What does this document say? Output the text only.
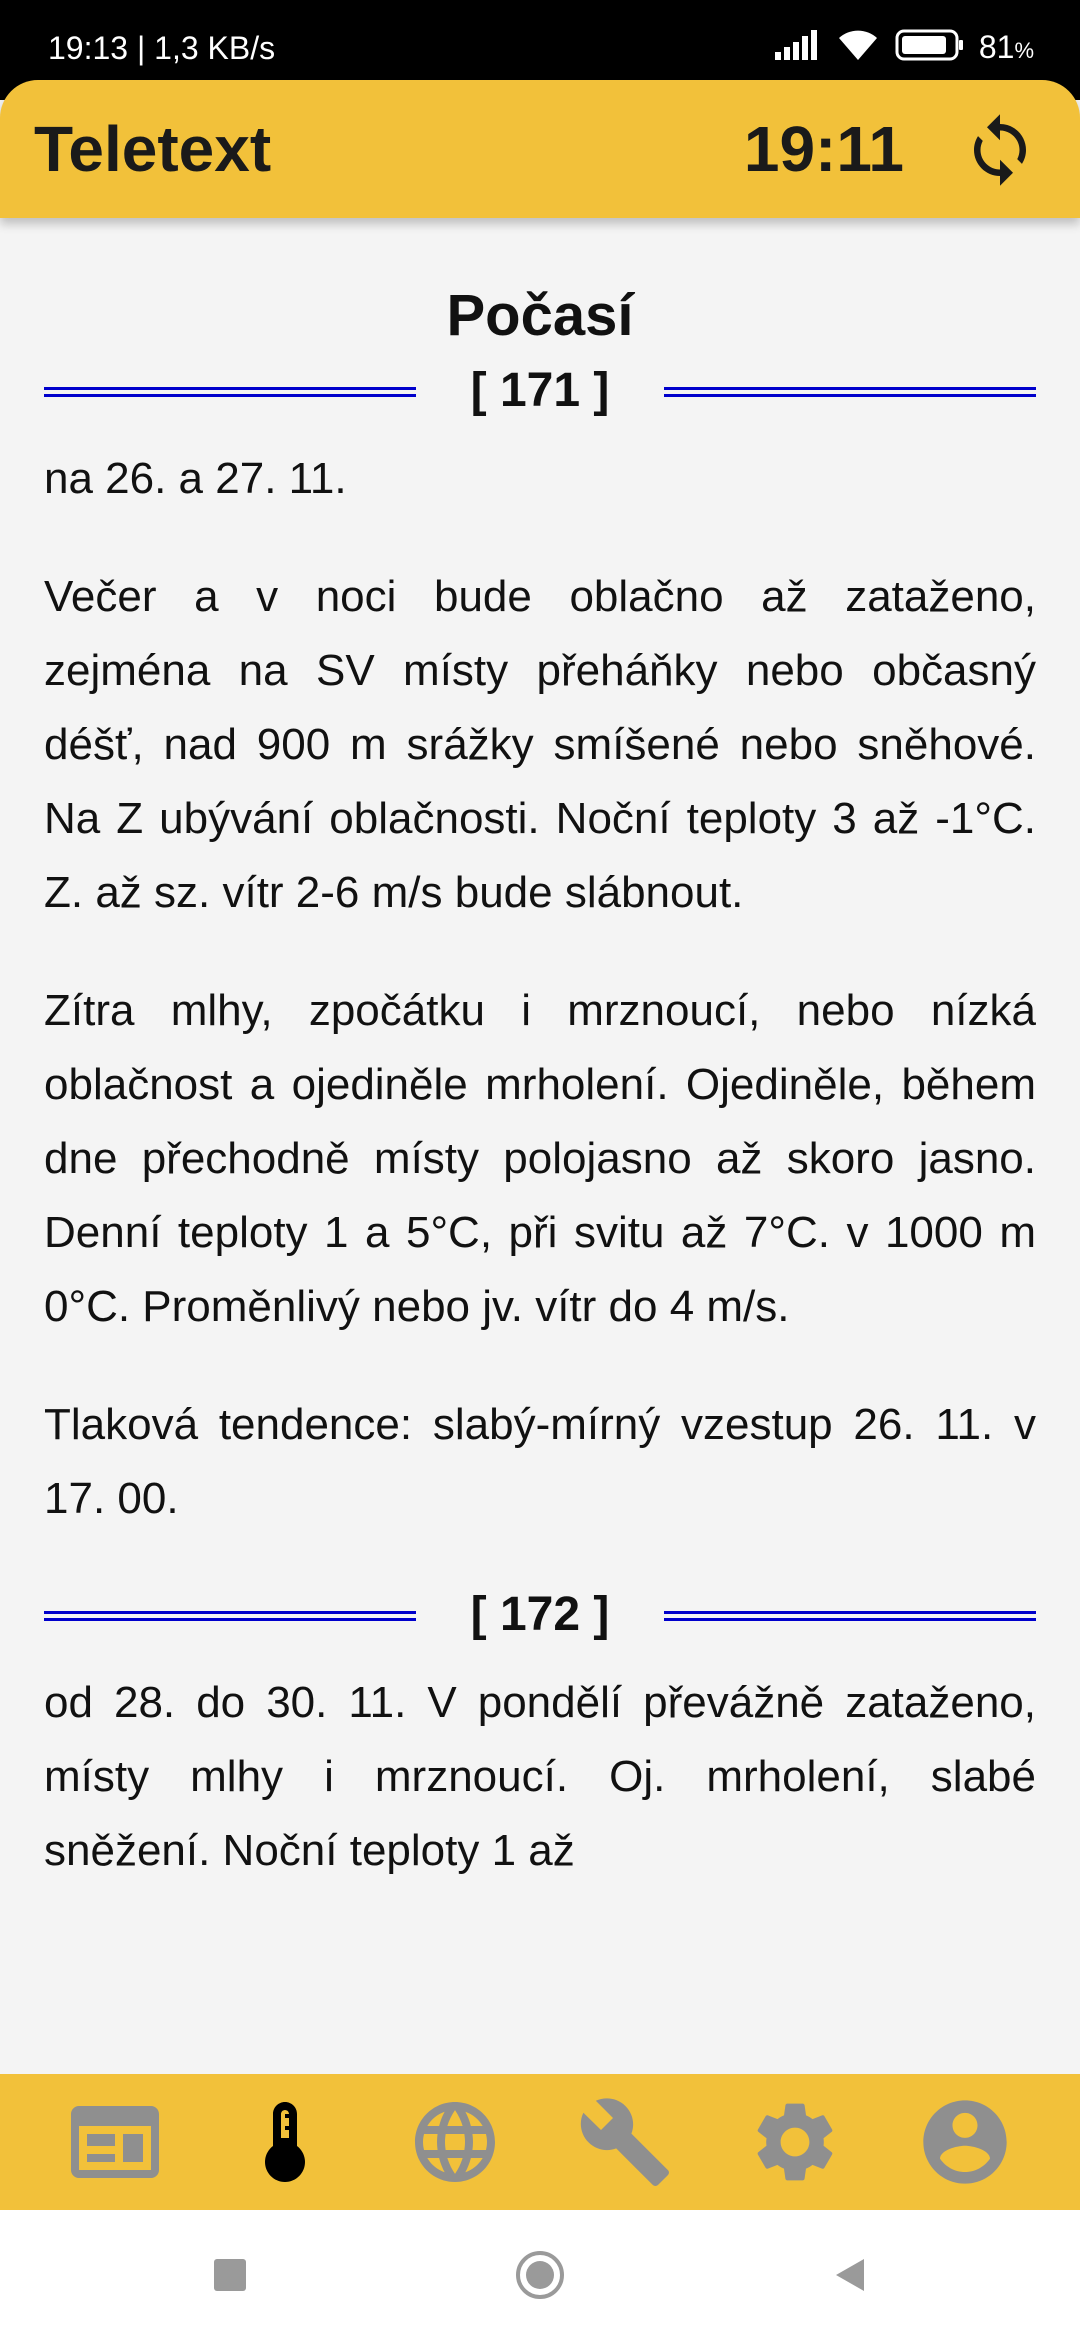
19:13 | 1,3 KB/s	81%
Teletext	19:11
Počasí
[ 171 ]

na 26. a 27. 11.

Večer a v noci bude oblačno až zataženo, zejména na SV místy přeháňky nebo občasný déšť, nad 900 m srážky smíšené nebo sněhové. Na Z ubývání oblačnosti. Noční teploty 3 až -1°C. Z. až sz. vítr 2-6 m/s bude slábnout.

Zítra mlhy, zpočátku i mrznoucí, nebo nízká oblačnost a ojediněle mrholení. Ojediněle, během dne přechodně místy polojasno až skoro jasno. Denní teploty 1 a 5°C, při svitu až 7°C. v 1000 m 0°C. Proměnlivý nebo jv. vítr do 4 m/s.

Tlaková tendence: slabý-mírný vzestup 26. 11. v 17. 00.

[ 172 ]

od 28. do 30. 11. V pondělí převážně zataženo, místy mlhy i mrznoucí. Oj. mrholení, slabé sněžení. Noční teploty 1 až
